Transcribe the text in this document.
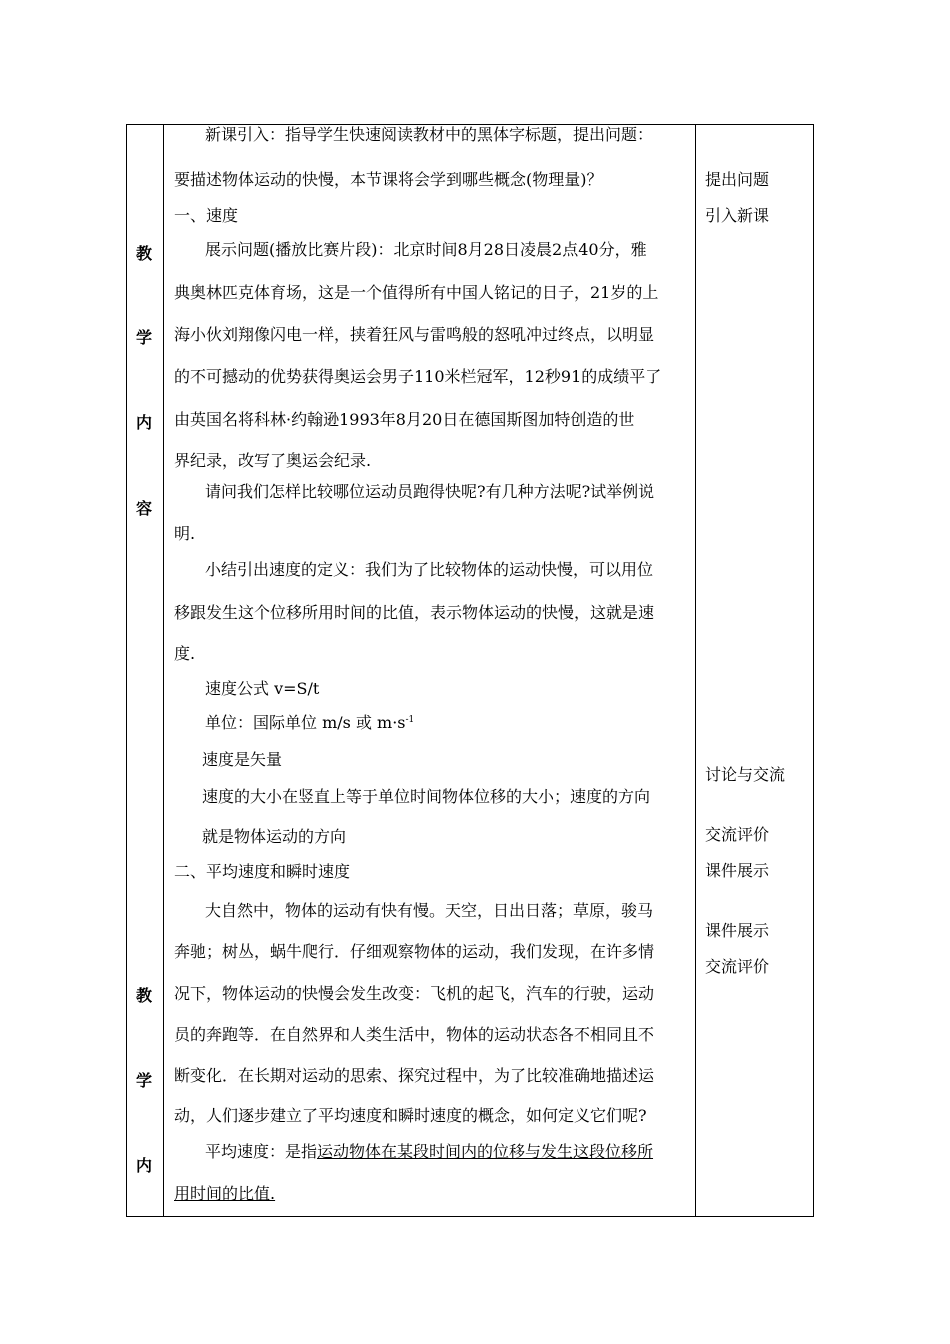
教
学
内
容
教
学
内
新课引入：指导学生快速阅读教材中的黑体字标题，提出问题：
要描述物体运动的快慢，本节课将会学到哪些概念(物理量)？
一、速度
展示问题(播放比赛片段)：北京时间8月28日凌晨2点40分，雅
典奥林匹克体育场，这是一个值得所有中国人铭记的日子，21岁的上
海小伙刘翔像闪电一样，挟着狂风与雷鸣般的怒吼冲过终点，以明显
的不可撼动的优势获得奥运会男子110米栏冠军，12秒91的成绩平了
由英国名将科林·约翰逊1993年8月20日在德国斯图加特创造的世
界纪录，改写了奥运会纪录.
请问我们怎样比较哪位运动员跑得快呢?有几种方法呢?试举例说
明.
小结引出速度的定义：我们为了比较物体的运动快慢，可以用位
移跟发生这个位移所用时间的比值，表示物体运动的快慢，这就是速
度.
速度公式 v=S/t
单位：国际单位 m/s 或 $m\cdot s^{-1}$
速度是矢量
速度的大小在竖直上等于单位时间物体位移的大小；速度的方向
就是物体运动的方向
二、平均速度和瞬时速度
大自然中，物体的运动有快有慢。天空，日出日落；草原，骏马
奔驰；树丛，蜗牛爬行．仔细观察物体的运动，我们发现，在许多情
况下，物体运动的快慢会发生改变：飞机的起飞，汽车的行驶，运动
员的奔跑等．在自然界和人类生活中，物体的运动状态各不相同且不
断变化．在长期对运动的思索、探究过程中，为了比较准确地描述运
动，人们逐步建立了平均速度和瞬时速度的概念，如何定义它们呢?
平均速度：是指运动物体在某段时间内的位移与发生这段位移所
用时间的比值.
提出问题
引入新课
讨论与交流
交流评价
课件展示
课件展示
交流评价
